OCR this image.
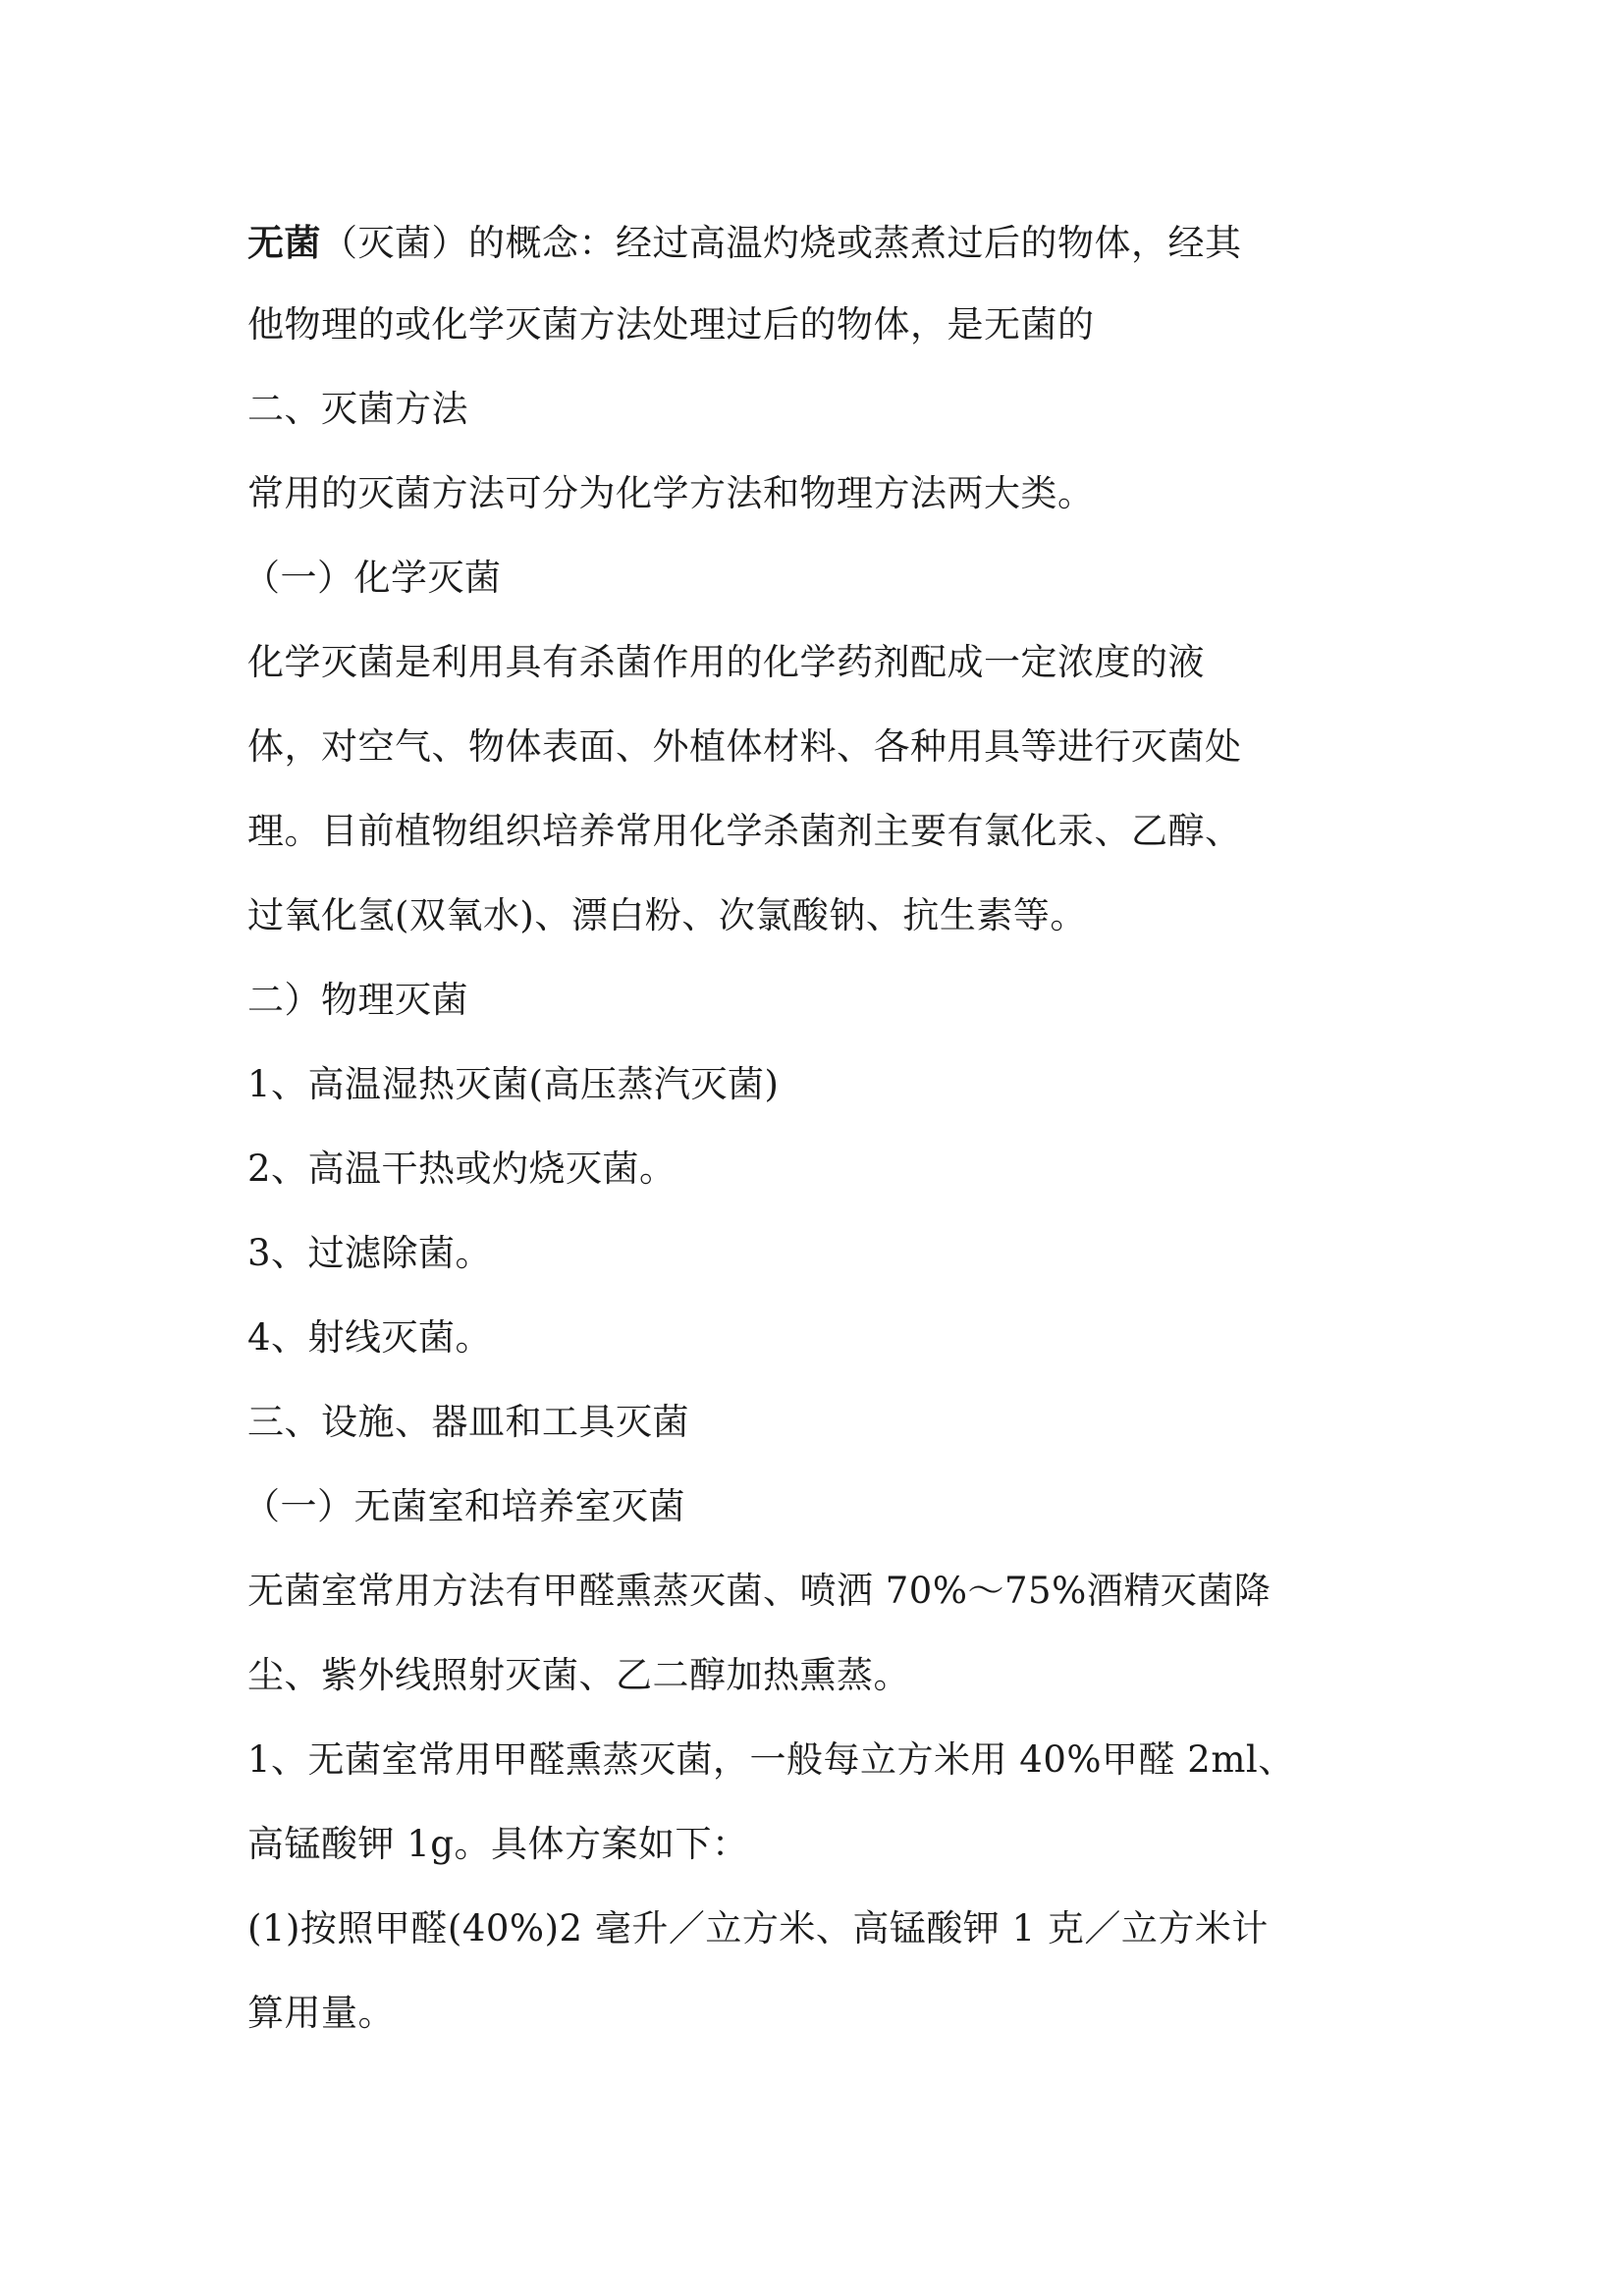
无菌（灭菌）的概念：经过高温灼烧或蒸煮过后的物体，经其
他物理的或化学灭菌方法处理过后的物体，是无菌的
二、灭菌方法
常用的灭菌方法可分为化学方法和物理方法两大类。
（一）化学灭菌
化学灭菌是利用具有杀菌作用的化学药剂配成一定浓度的液
体，对空气、物体表面、外植体材料、各种用具等进行灭菌处
理。目前植物组织培养常用化学杀菌剂主要有氯化汞、乙醇、
过氧化氢(双氧水)、漂白粉、次氯酸钠、抗生素等。
二）物理灭菌
1、高温湿热灭菌(高压蒸汽灭菌)
2、高温干热或灼烧灭菌。
3、过滤除菌。
4、射线灭菌。
三、设施、器皿和工具灭菌
（一）无菌室和培养室灭菌
无菌室常用方法有甲醛熏蒸灭菌、喷洒 70%～75%酒精灭菌降
尘、紫外线照射灭菌、乙二醇加热熏蒸。
1、无菌室常用甲醛熏蒸灭菌，一般每立方米用 40%甲醛 2ml、
高锰酸钾 1g。具体方案如下：
(1)按照甲醛(40%)2 毫升／立方米、高锰酸钾 1 克／立方米计
算用量。
